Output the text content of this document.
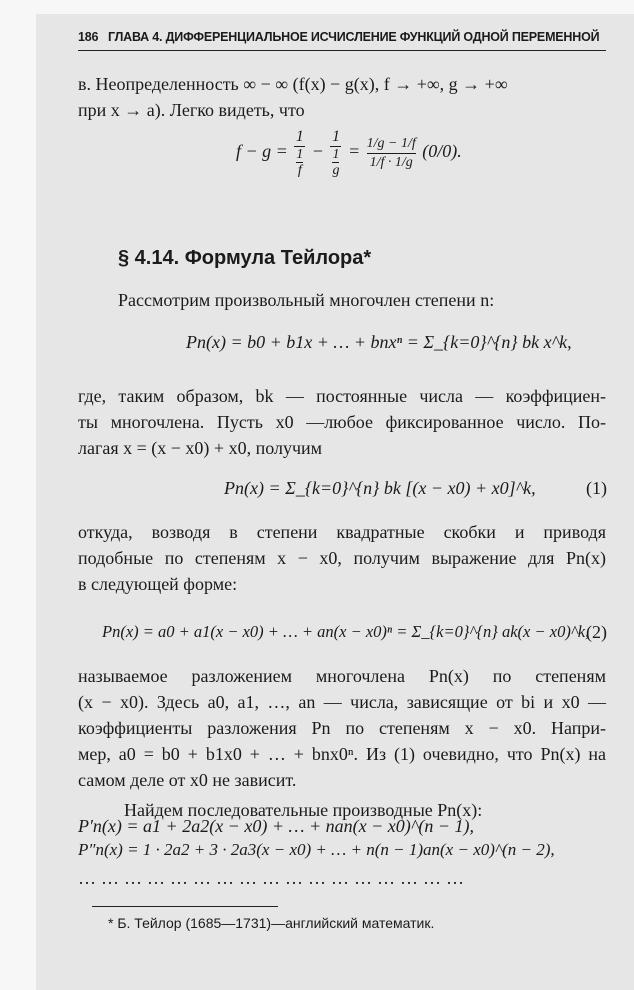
186 ГЛАВА 4. ДИФФЕРЕНЦИАЛЬНОЕ ИСЧИСЛЕНИЕ ФУНКЦИЙ ОДНОЙ ПЕРЕМЕННОЙ
в. Неопределенность ∞ − ∞ (f(x) − g(x), f → +∞, g → +∞
при x → a). Легко видеть, что
$f - g = \frac{1}{\frac{1}{f}} - \frac{1}{\frac{1}{g}} = \frac{1/g - 1/f}{1/f \cdot 1/g} (0/0)$.
§ 4.14. Формула Тейлора*
Рассмотрим произвольный многочлен степени n:
Pn(x) = b0 + b1x + … + bnxⁿ = Σ_{k=0}^{n} bk x^k,
где, таким образом, bk — постоянные числа — коэффициен-
ты многочлена. Пусть x0 —любое фиксированное число. По-
лагая x = (x − x0) + x0, получим
Pn(x) = Σ_{k=0}^{n} bk [(x − x0) + x0]^k,	(1)
откуда, возводя в степени квадратные скобки и приводя
подобные по степеням x − x0, получим выражение для Pn(x)
в следующей форме:
Pn(x) = a0 + a1(x − x0) + … + an(x − x0)ⁿ = Σ_{k=0}^{n} ak(x − x0)^k,
(2)
называемое разложением многочлена Pn(x) по степеням
(x − x0). Здесь a0, a1, …, an — числа, зависящие от bi и x0 —
коэффициенты разложения Pn по степеням x − x0. Напри-
мер, a0 = b0 + b1x0 + … + bnx0ⁿ. Из (1) очевидно, что Pn(x) на
самом деле от x0 не зависит.
Найдем последовательные производные Pn(x):
P′n(x) = a1 + 2a2(x − x0) + … + nan(x − x0)^(n − 1),
P″n(x) = 1 · 2a2 + 3 · 2a3(x − x0) + … + n(n − 1)an(x − x0)^(n − 2),
……………………………………………
* Б. Тейлор (1685—1731)—английский математик.
